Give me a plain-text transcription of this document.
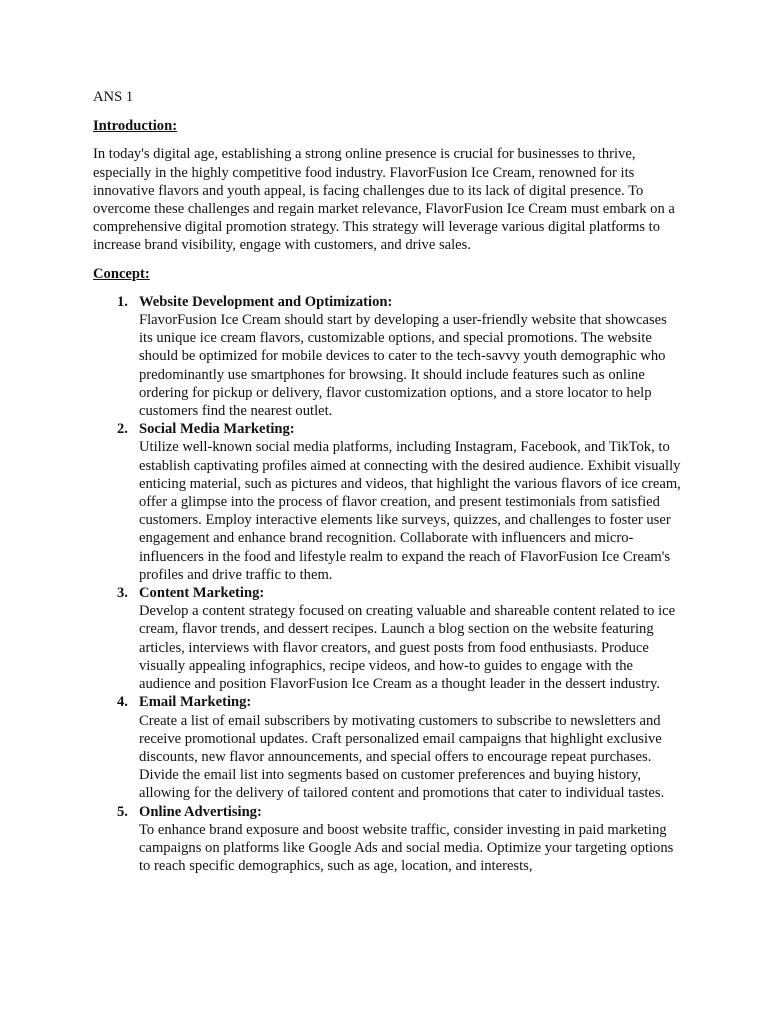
ANS 1
Introduction:
In today's digital age, establishing a strong online presence is crucial for businesses to thrive, especially in the highly competitive food industry. FlavorFusion Ice Cream, renowned for its innovative flavors and youth appeal, is facing challenges due to its lack of digital presence. To overcome these challenges and regain market relevance, FlavorFusion Ice Cream must embark on a comprehensive digital promotion strategy. This strategy will leverage various digital platforms to increase brand visibility, engage with customers, and drive sales.
Concept:
1. Website Development and Optimization:
FlavorFusion Ice Cream should start by developing a user-friendly website that showcases its unique ice cream flavors, customizable options, and special promotions. The website should be optimized for mobile devices to cater to the tech-savvy youth demographic who predominantly use smartphones for browsing. It should include features such as online ordering for pickup or delivery, flavor customization options, and a store locator to help customers find the nearest outlet.
2. Social Media Marketing:
Utilize well-known social media platforms, including Instagram, Facebook, and TikTok, to establish captivating profiles aimed at connecting with the desired audience. Exhibit visually enticing material, such as pictures and videos, that highlight the various flavors of ice cream, offer a glimpse into the process of flavor creation, and present testimonials from satisfied customers. Employ interactive elements like surveys, quizzes, and challenges to foster user engagement and enhance brand recognition. Collaborate with influencers and micro-influencers in the food and lifestyle realm to expand the reach of FlavorFusion Ice Cream's profiles and drive traffic to them.
3. Content Marketing:
Develop a content strategy focused on creating valuable and shareable content related to ice cream, flavor trends, and dessert recipes. Launch a blog section on the website featuring articles, interviews with flavor creators, and guest posts from food enthusiasts. Produce visually appealing infographics, recipe videos, and how-to guides to engage with the audience and position FlavorFusion Ice Cream as a thought leader in the dessert industry.
4. Email Marketing:
Create a list of email subscribers by motivating customers to subscribe to newsletters and receive promotional updates. Craft personalized email campaigns that highlight exclusive discounts, new flavor announcements, and special offers to encourage repeat purchases. Divide the email list into segments based on customer preferences and buying history, allowing for the delivery of tailored content and promotions that cater to individual tastes.
5. Online Advertising:
To enhance brand exposure and boost website traffic, consider investing in paid marketing campaigns on platforms like Google Ads and social media. Optimize your targeting options to reach specific demographics, such as age, location, and interests,
